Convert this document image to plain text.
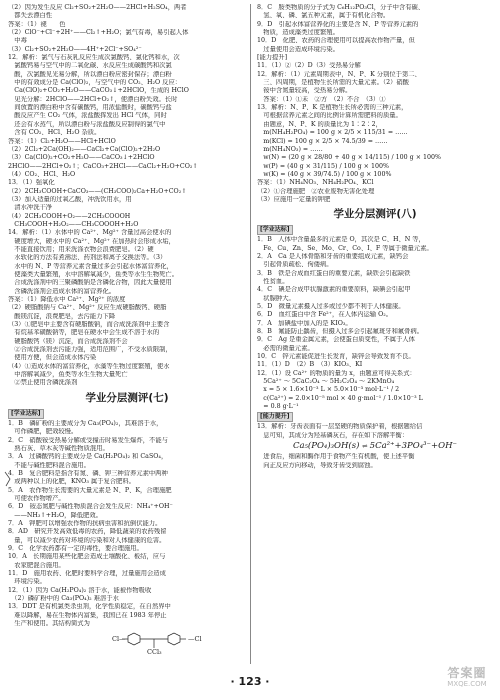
（2）因为发生反应 Cl₂+SO₂+2H₂O——2HCl+H₂SO₄，两者
　都失去漂白性
答案：（1）褪　　色
（2）ClO⁻+Cl⁻+2H⁺——Cl₂↑+H₂O；氯气有毒，易引起人体
　中毒
（3）Cl₂+SO₂+2H₂O——4H⁺+2Cl⁻+SO₄²⁻
12．解析：氯气与石灰乳反应生成次氯酸钙、氯化钙和水，次
　氯酸钙易与空气中的二氧化碳、水反应生成碳酸钙和次氯
　酸，次氯酸见光易分解，所以漂白粉应密封保存；漂白粉
　中的有效成分是 Ca(ClO)₂，与空气中的 CO₂、H₂O 反应：
　Ca(ClO)₂+CO₂+H₂O——CaCO₃↓+2HClO，生成的 HClO
　见光分解：2HClO——2HCl+O₂↑，使漂白粉失效。长时
　间放置的漂白粉中含有碳酸钙，用浓盐酸时，碳酸钙与盐
　酸反应产生 CO₂ 气体，浓盐酸挥发出 HCl 气体，同时
　还会有水蒸气，所以漂白粉与浓盐酸反应制得的氯气中
　含有 CO₂、HCl、H₂O 杂质。
答案：（1）Cl₂+H₂O——HCl+HClO
（2）2Cl₂+2Ca(OH)₂——CaCl₂+Ca(ClO)₂+2H₂O
（3）Ca(ClO)₂+CO₂+H₂O——CaCO₃↓+2HClO
2HClO——2HCl+O₂↑；CaCO₃+2HCl——CaCl₂+H₂O+CO₂↑
（4）CO₂、HCl、H₂O
13．（1）强氧化
（2）2CH₃COOH+CaCO₃——(CH₃COO)₂Ca+H₂O+CO₂↑
（3）加入适量的过氧乙酸，冲洗饮用水，用
　清水冲洗干净
（4）2CH₃COOH+O₂——2CH₃COOOH
　CH₃COOH+H₂O₂——CH₃COOOH+H₂O
14．解析：（1）水体中的 Ca²⁺、Mg²⁺ 含量过高会使水的
　硬度增大，硬水中的 Ca²⁺、Mg²⁺ 在加热时会形成水垢，
　不能直接饮用；用来洗涤衣物会浪费肥皂。（2）硬
　水软化的方法有煮沸法、药剂法和离子交换法等。（3）
　水中的 N、P 等营养元素含量过多会引起水体富营养化，
　使藻类大量繁殖，水中溶解氧减少，鱼类等水生生物死亡。
　合成洗涤剂中的三聚磷酸钠是含磷化合物，因此大量使用
　含磷洗涤剂会造成水体的富营养化。
答案：（1）降低水中 Ca²⁺、Mg²⁺ 的浓度
（2）硬脂酸钠与 Ca²⁺、Mg²⁺ 反应生成硬脂酸钙、硬脂
　酸镁沉淀，浪费肥皂，去污能力下降
（3）①肥皂中主要含有硬脂酸钠，而合成洗涤剂中主要含
　有烷基苯磺酸钠等，肥皂在硬水中会生成不溶于水的
　硬脂酸钙（镁）沉淀，而合成洗涤剂不会
　②合成洗涤剂去污能力强，适用范围广，不受水质限制，
　使用方便，但会造成水体污染
（4）①造成水体的富营养化，水藻等生物过度繁殖，使水
　中溶解氧减少，鱼类等水生生物大量死亡
　②禁止使用含磷洗涤剂
学业分层测评(七)
[学业达标]
1．B　磷矿粉的主要成分为 Ca₃(PO₄)₂，其难溶于水，
　可作磷肥，肥效较慢。
2．C　硝酸铵受热易分解或受撞击时易发生爆炸，不能与
　熟石灰、草木灰等碱性物质混用。
3．A　过磷酸钙的主要成分是 Ca(H₂PO₄)₂ 和 CaSO₄，
　不能与碱性肥料混合施用。
4．B　复合肥料是指含有氮、磷、钾三种营养元素中两种
　或两种以上的化肥，KNO₃ 属于复合肥料。
5．A　农作物生长需要的大量元素是 N、P、K，合理施肥
　可使农作物增产。
6．D　铵态氮肥与碱性物质混合会发生反应：NH₄⁺+OH⁻
　——NH₃↑+H₂O，降低肥效。
7．A　钾肥可以增强农作物的抗病虫害和抗倒伏能力。
8．AD　研究开发高效低毒的农药，降低蔬菜的农药残留
　量，可以减少农药对环境的污染和对人体健康的危害。
9．C　化学农药都有一定的毒性，要合理施用。
10．A　长期施用某些化肥会造成土壤酸化、板结，应与
　农家肥混合施用。
11．D　施用农药、化肥时要科学合理，过量施用会造成
　环境污染。
12．（1）因为 Ca(H₂PO₄)₂ 溶于水，能被作物吸收
　（2）磷矿粉中的 Ca₃(PO₄)₂ 难溶于水
13．DDT 是有机氯类杀虫剂，化学性质稳定，在自然界中
　难以降解，易在生物体内富集，我国已在 1983 年停止
　生产和使用。其结构简式为
Cl—	—Cl
CCl₃
8．C　胺类物质的分子式为 C₆H₁₂PO₃Cl，分子中含有碳、
　氢、氧、磷、氯五种元素，属于有机化合物。
9．D　引起水体富营养化的主要是含 N、P 等营养元素的
　物质，造成藻类过度繁殖。
10．D　化肥、农药的合理使用可以提高农作物产量，但
　过量使用会造成环境污染。
[能力提升]
11．（1）②（2）D（3）受热易分解
12．解析：（1）元素周期表中，N、P、K 分别位于第二、
　三、四周期，是植物生长所需的大量元素。（2）硝酸
　铵中含氮量较高，受热易分解。
　答案：（1）①未　②方　（2）不合　（3）①
13．解析：N、P、K 是植物生长所必需的三种元素，
　可根据营养元素之间的比例计算所需肥料的质量。
　由题意，N、P、K 的质量比为 1∶2∶2，
　m(NH₄H₂PO₄) = 100 g × 2/5 × 115/31 = ……
　m(KCl) = 100 g × 2/5 × 74.5/39 = ……
　m(NH₄NO₃) = ……
　w(N) = (20 g × 28/80 + 40 g × 14/115) / 100 g × 100%
　w(P) = (40 g × 31/115) / 100 g × 100%
　w(K) = (40 g × 39/74.5) / 100 g × 100%
答案：（1）NH₄NO₃、NH₄H₂PO₄、KCl
（2）①合理施肥　②农业废物无害化处理
（3）应施用一定量的钾肥
学业分层测评(八)
[学业达标]
1．B　人体中含量最多的元素是 O，其次是 C、H、N 等，
　Fe、Cu、Zn、Se、Mo、Cr、Co、I、F 等属于微量元素。
2．A　Ca 是人体骨骼和牙齿的重要组成元素，缺钙会
　引起骨质疏松、佝偻病。
3．B　铁是合成血红蛋白的重要元素，缺铁会引起缺铁
　性贫血。
4．C　碘是合成甲状腺激素的重要原料，缺碘会引起甲
　状腺肿大。
5．D　微量元素摄入过多或过少都不利于人体健康。
6．D　血红蛋白中含 Fe²⁺，在人体内运输 O₂。
7．A　加碘盐中加入的是 KIO₃。
8．B　氟能防止龋齿，但摄入过多会引起氟斑牙和氟骨病。
9．C　Ag 是重金属元素，会使蛋白质变性，不属于人体
　必需的微量元素。
10．C　锌元素能促进生长发育，缺锌会导致发育不良。
11．（1）D　（2）B　（3）KIO₃、KI
12．（1）设 Ca²⁺ 的物质的量为 x，由题意可得关系式：
　5Ca²⁺ ～ 5CaC₂O₄ ～ 5H₂C₂O₄ ～ 2KMnO₄
　x = 5 × 1.6×10⁻³ L × 5.0×10⁻³ mol·L⁻¹ / 2
　c(Ca²⁺) = 2.0×10⁻⁵ mol × 40 g·mol⁻¹ / 1.0×10⁻³ L
　= 0.8 g·L⁻¹
[能力提升]
13．解析：牙齿表面有一层坚硬的物质保护着，根据题给信
　息可知，其成分为羟基磷灰石，存在如下溶解平衡：
Ca₅(PO₄)₃OH(s) ⇌ 5Ca²⁺+3PO₄³⁻+OH⁻
　进食后，细菌和酶作用于食物产生有机酸，使上述平衡
　向正反应方向移动，导致牙齿受到腐蚀。
· 123 ·
答案圈
MXQE.COM
